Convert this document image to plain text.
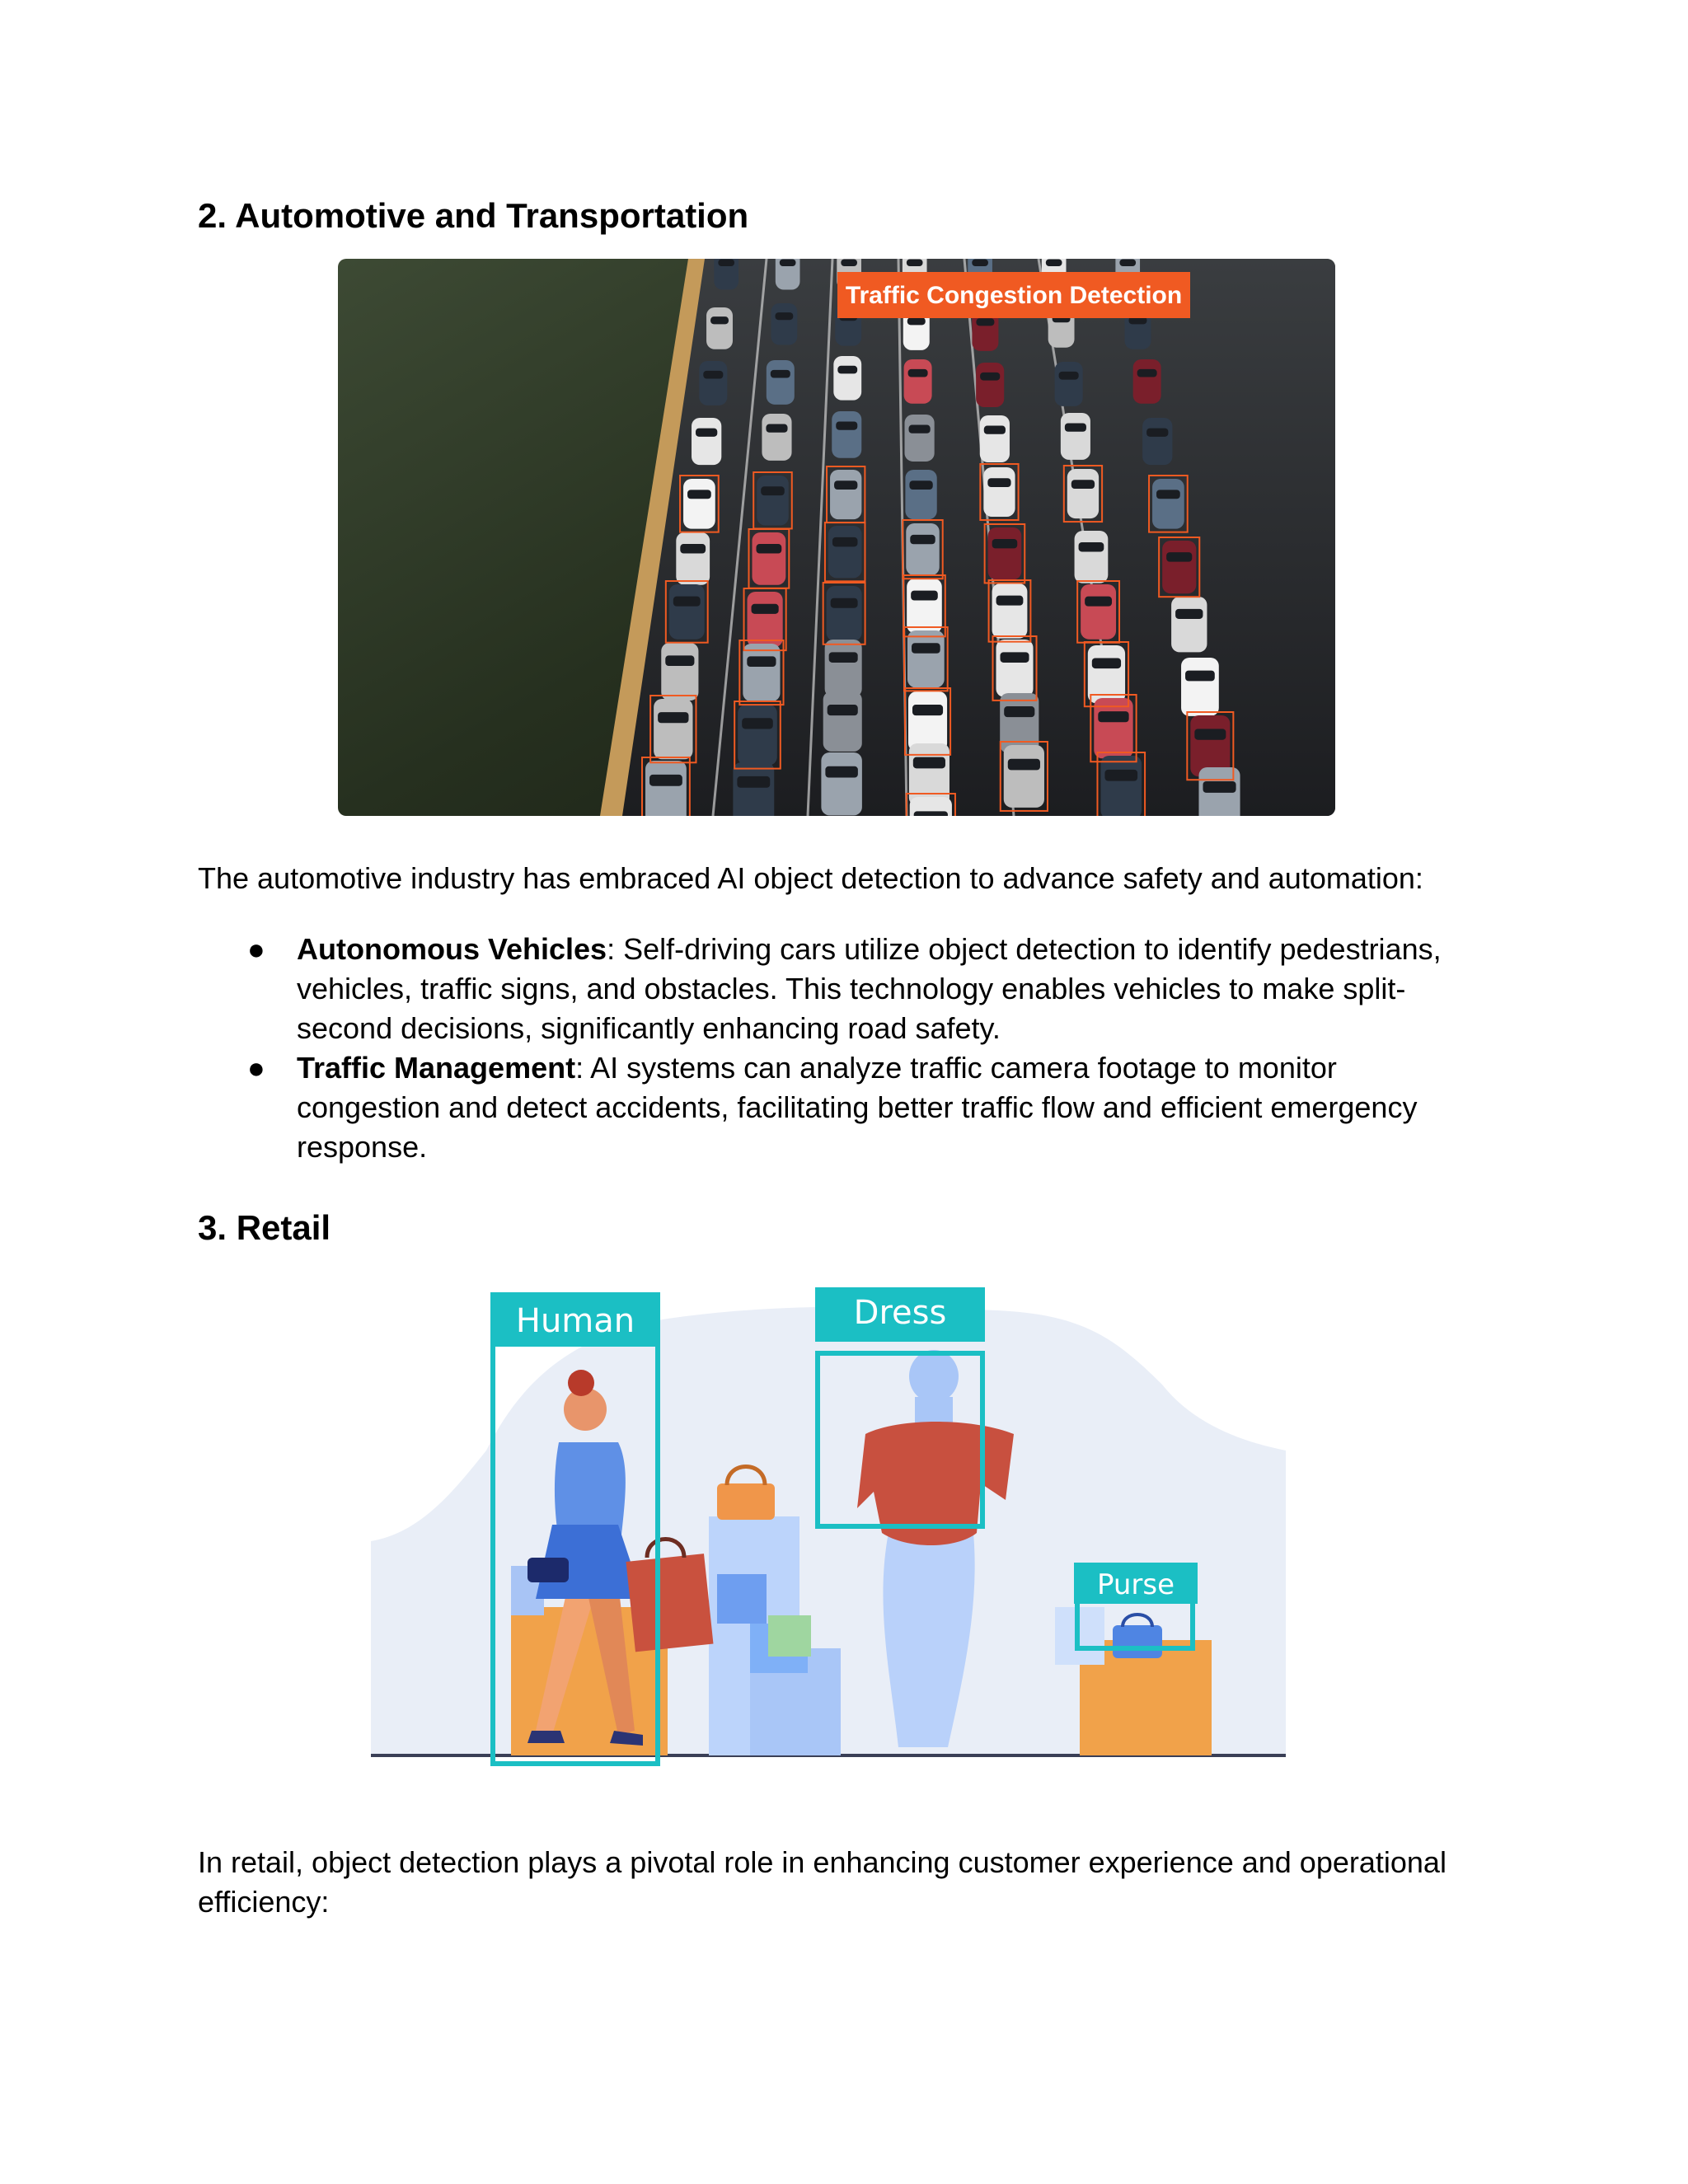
2. Automotive and Transportation
Traffic Congestion Detection

The automotive industry has embraced AI object detection to advance safety and automation:

● Autonomous Vehicles: Self-driving cars utilize object detection to identify pedestrians, vehicles, traffic signs, and obstacles. This technology enables vehicles to make split-second decisions, significantly enhancing road safety.
● Traffic Management: AI systems can analyze traffic camera footage to monitor congestion and detect accidents, facilitating better traffic flow and efficient emergency response.
3. Retail
Human	Dress
Purse

In retail, object detection plays a pivotal role in enhancing customer experience and operational efficiency:
